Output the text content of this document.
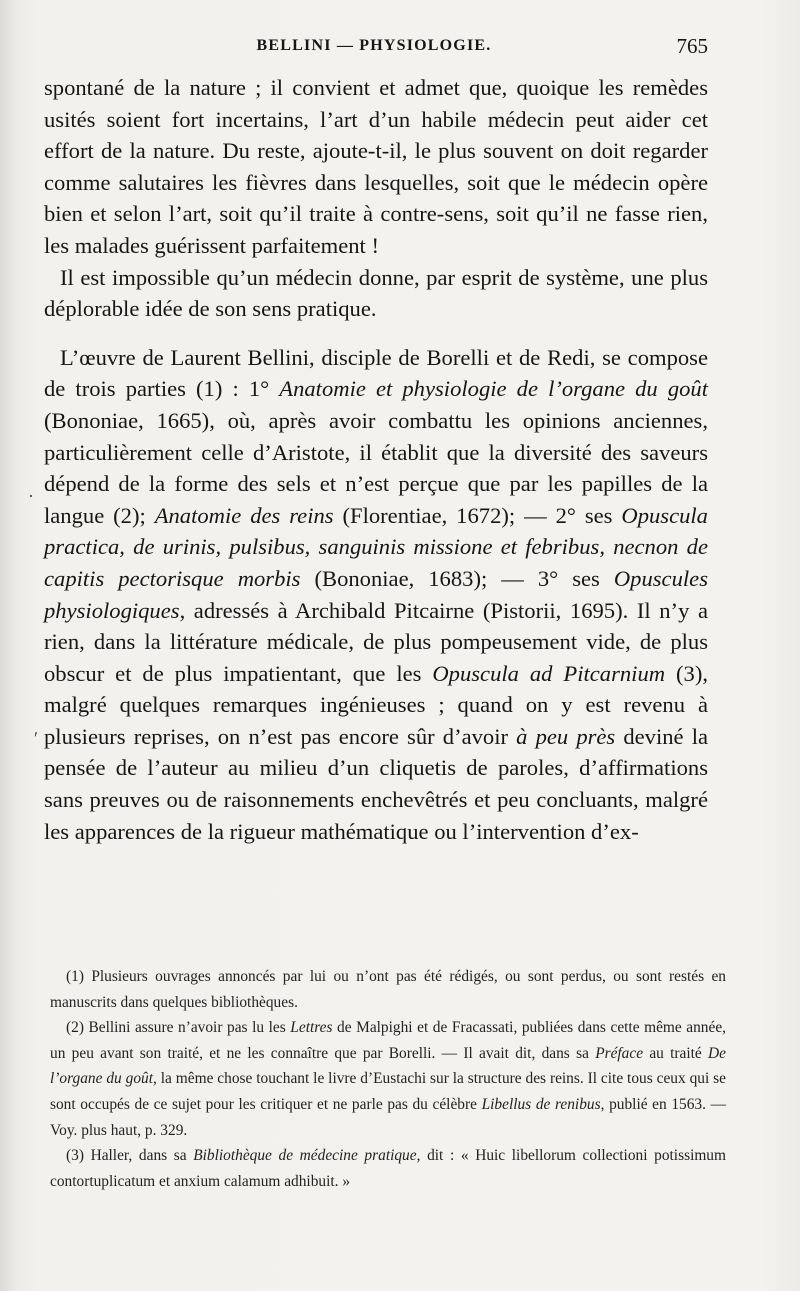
BELLINI — PHYSIOLOGIE.	765

spontané de la nature ; il convient et admet que, quoique les remèdes usités soient fort incertains, l’art d’un habile médecin peut aider cet effort de la nature. Du reste, ajoute-t-il, le plus souvent on doit regarder comme salutaires les fièvres dans lesquelles, soit que le médecin opère bien et selon l’art, soit qu’il traite à contre-sens, soit qu’il ne fasse rien, les malades guérissent parfaitement !

Il est impossible qu’un médecin donne, par esprit de système, une plus déplorable idée de son sens pratique.

L’œuvre de Laurent Bellini, disciple de Borelli et de Redi, se compose de trois parties (1) : 1° Anatomie et physiologie de l’organe du goût (Bononiae, 1665), où, après avoir combattu les opinions anciennes, particulièrement celle d’Aristote, il établit que la diversité des saveurs dépend de la forme des sels et n’est perçue que par les papilles de la langue (2); Anatomie des reins (Florentiae, 1672); — 2° ses Opuscula practica, de urinis, pulsibus, sanguinis missione et febribus, necnon de capitis pectorisque morbis (Bononiae, 1683); — 3° ses Opuscules physiologiques, adressés à Archibald Pitcairne (Pistorii, 1695). Il n’y a rien, dans la littérature médicale, de plus pompeusement vide, de plus obscur et de plus impatientant, que les Opuscula ad Pitcarnium (3), malgré quelques remarques ingénieuses ; quand on y est revenu à plusieurs reprises, on n’est pas encore sûr d’avoir à peu près deviné la pensée de l’auteur au milieu d’un cliquetis de paroles, d’affirmations sans preuves ou de raisonnements enchevêtrés et peu concluants, malgré les apparences de la rigueur mathématique ou l’intervention d’ex-

(1) Plusieurs ouvrages annoncés par lui ou n’ont pas été rédigés, ou sont perdus, ou sont restés en manuscrits dans quelques bibliothèques.

(2) Bellini assure n’avoir pas lu les Lettres de Malpighi et de Fracassati, publiées dans cette même année, un peu avant son traité, et ne les connaître que par Borelli. — Il avait dit, dans sa Préface au traité De l’organe du goût, la même chose touchant le livre d’Eustachi sur la structure des reins. Il cite tous ceux qui se sont occupés de ce sujet pour les critiquer et ne parle pas du célèbre Libellus de renibus, publié en 1563. — Voy. plus haut, p. 329.

(3) Haller, dans sa Bibliothèque de médecine pratique, dit : « Huic libellorum collectioni potissimum contortuplicatum et anxium calamum adhibuit. »

·
ʹ
